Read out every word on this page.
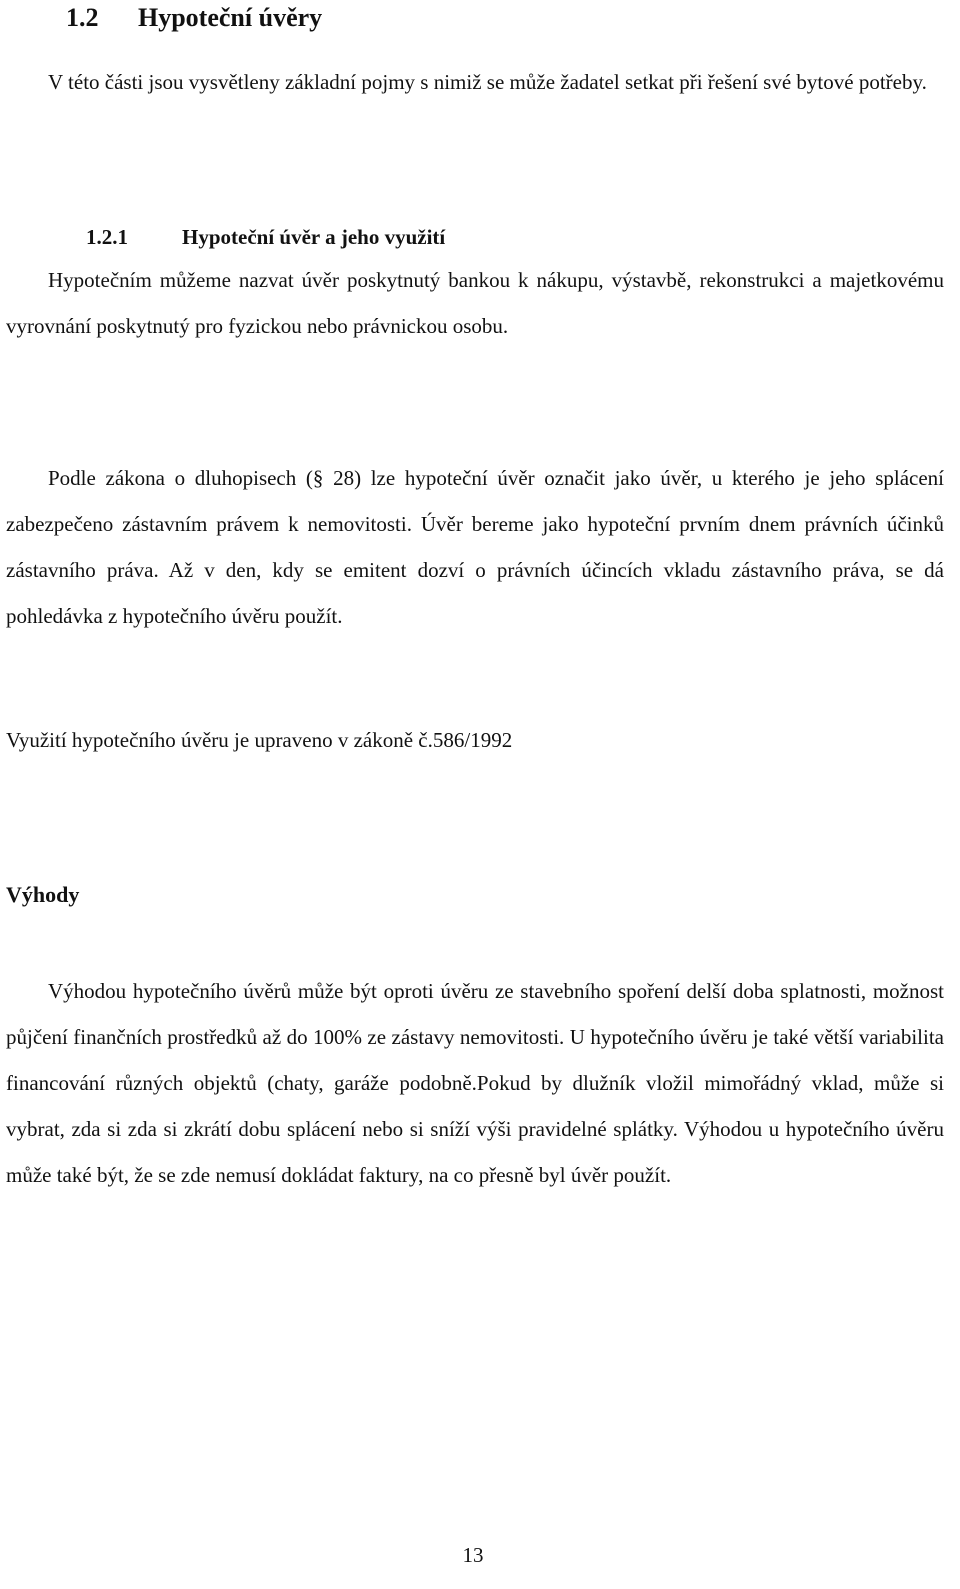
1.2 Hypoteční úvěry

V této části jsou vysvětleny základní pojmy s nimiž se může žadatel setkat při řešení své bytové potřeby.

1.2.1	Hypoteční úvěr a jeho využití

Hypotečním můžeme nazvat úvěr poskytnutý bankou k nákupu, výstavbě, rekonstrukci a majetkovému vyrovnání poskytnutý pro fyzickou nebo právnickou osobu.

Podle zákona o dluhopisech (§ 28) lze hypoteční úvěr označit jako úvěr, u kterého je jeho splácení zabezpečeno zástavním právem k nemovitosti. Úvěr bereme jako hypoteční prvním dnem právních účinků zástavního práva. Až v den, kdy se emitent dozví o právních účincích vkladu zástavního práva, se dá pohledávka z hypotečního úvěru použít.

Využití hypotečního úvěru je upraveno v zákoně č.586/1992

Výhody

Výhodou hypotečního úvěrů může být oproti úvěru ze stavebního spoření delší doba splatnosti, možnost půjčení finančních prostředků až do 100% ze zástavy nemovitosti. U hypotečního úvěru je také větší variabilita financování různých objektů (chaty, garáže podobně.Pokud by dlužník vložil mimořádný vklad, může si vybrat, zda si zda si zkrátí dobu splácení nebo si sníží výši pravidelné splátky. Výhodou u hypotečního úvěru může také být, že se zde nemusí dokládat faktury, na co přesně byl úvěr použít.

13
